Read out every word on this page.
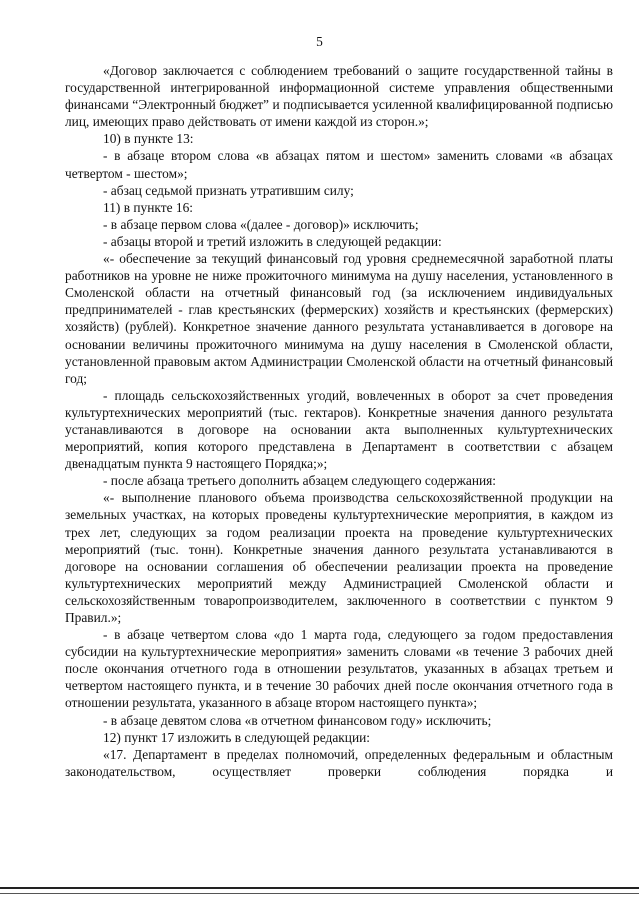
5

«Договор заключается с соблюдением требований о защите государственной тайны в государственной интегрированной информационной системе управления общественными финансами “Электронный бюджет” и подписывается усиленной квалифицированной подписью лиц, имеющих право действовать от имени каждой из сторон.»;

10) в пункте 13:

- в абзаце втором слова «в абзацах пятом и шестом» заменить словами «в абзацах четвертом - шестом»;

- абзац седьмой признать утратившим силу;

11) в пункте 16:

- в абзаце первом слова «(далее - договор)» исключить;

- абзацы второй и третий изложить в следующей редакции:

«- обеспечение за текущий финансовый год уровня среднемесячной заработной платы работников на уровне не ниже прожиточного минимума на душу населения, установленного в Смоленской области на отчетный финансовый год (за исключением индивидуальных предпринимателей - глав крестьянских (фермерских) хозяйств и крестьянских (фермерских) хозяйств) (рублей). Конкретное значение данного результата устанавливается в договоре на основании величины прожиточного минимума на душу населения в Смоленской области, установленной правовым актом Администрации Смоленской области на отчетный финансовый год;

- площадь сельскохозяйственных угодий, вовлеченных в оборот за счет проведения культуртехнических мероприятий (тыс. гектаров). Конкретные значения данного результата устанавливаются в договоре на основании акта выполненных культуртехнических мероприятий, копия которого представлена в Департамент в соответствии с абзацем двенадцатым пункта 9 настоящего Порядка;»;

- после абзаца третьего дополнить абзацем следующего содержания:

«- выполнение планового объема производства сельскохозяйственной продукции на земельных участках, на которых проведены культуртехнические мероприятия, в каждом из трех лет, следующих за годом реализации проекта на проведение культуртехнических мероприятий (тыс. тонн). Конкретные значения данного результата устанавливаются в договоре на основании соглашения об обеспечении реализации проекта на проведение культуртехнических мероприятий между Администрацией Смоленской области и сельскохозяйственным товаропроизводителем, заключенного в соответствии с пунктом 9 Правил.»;

- в абзаце четвертом слова «до 1 марта года, следующего за годом предоставления субсидии на культуртехнические мероприятия» заменить словами «в течение 3 рабочих дней после окончания отчетного года в отношении результатов, указанных в абзацах третьем и четвертом настоящего пункта, и в течение 30 рабочих дней после окончания отчетного года в отношении результата, указанного в абзаце втором настоящего пункта»;

- в абзаце девятом слова «в отчетном финансовом году» исключить;

12) пункт 17 изложить в следующей редакции:

«17. Департамент в пределах полномочий, определенных федеральным и областным законодательством, осуществляет проверки соблюдения порядка и
